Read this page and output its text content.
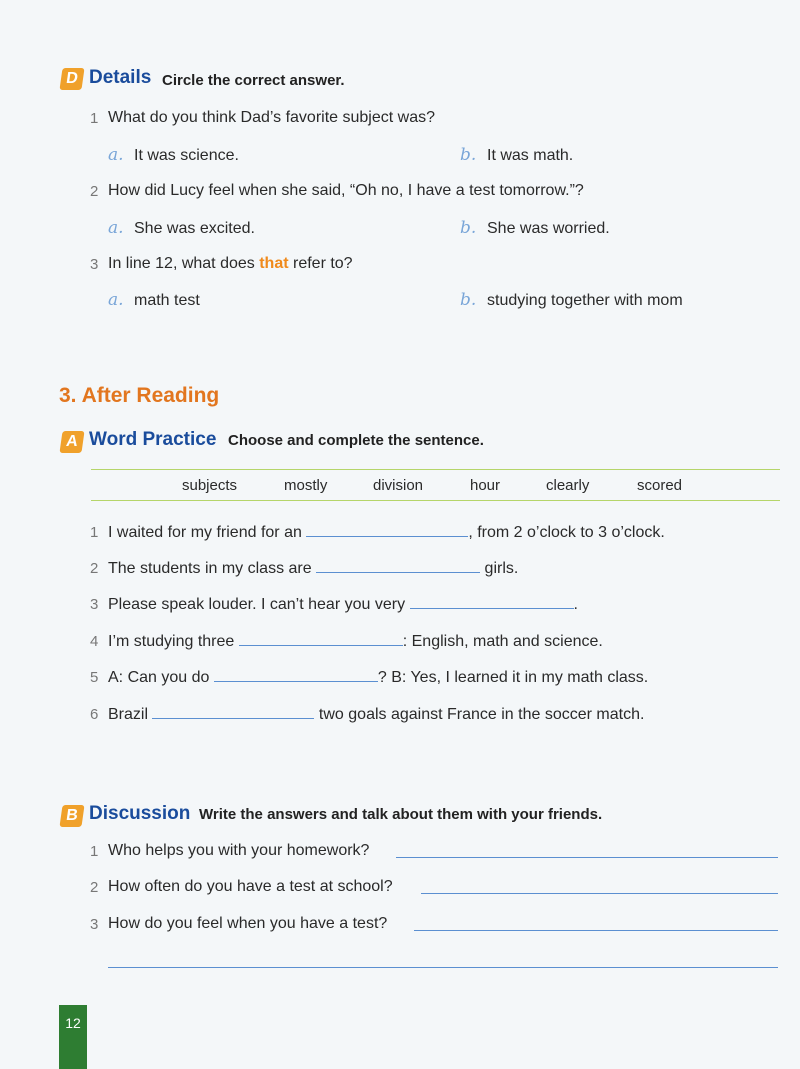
D Details Circle the correct answer.
1 What do you think Dad’s favorite subject was?
a. It was science.	b. It was math.
2 How did Lucy feel when she said, “Oh no, I have a test tomorrow.”?
a. She was excited.	b. She was worried.
3 In line 12, what does that refer to?
a. math test	b. studying together with mom
3. After Reading
A Word Practice Choose and complete the sentence.
subjects	mostly	division	hour	clearly	scored
1 I waited for my friend for an	, from 2 o’clock to 3 o’clock.
2 The students in my class are	girls.
3 Please speak louder. I can’t hear you very	.
4 I’m studying three	: English, math and science.
5 A: Can you do	? B: Yes, I learned it in my math class.
6 Brazil	two goals against France in the soccer match.
B Discussion Write the answers and talk about them with your friends.
1 Who helps you with your homework?
2 How often do you have a test at school?
3 How do you feel when you have a test?
12
